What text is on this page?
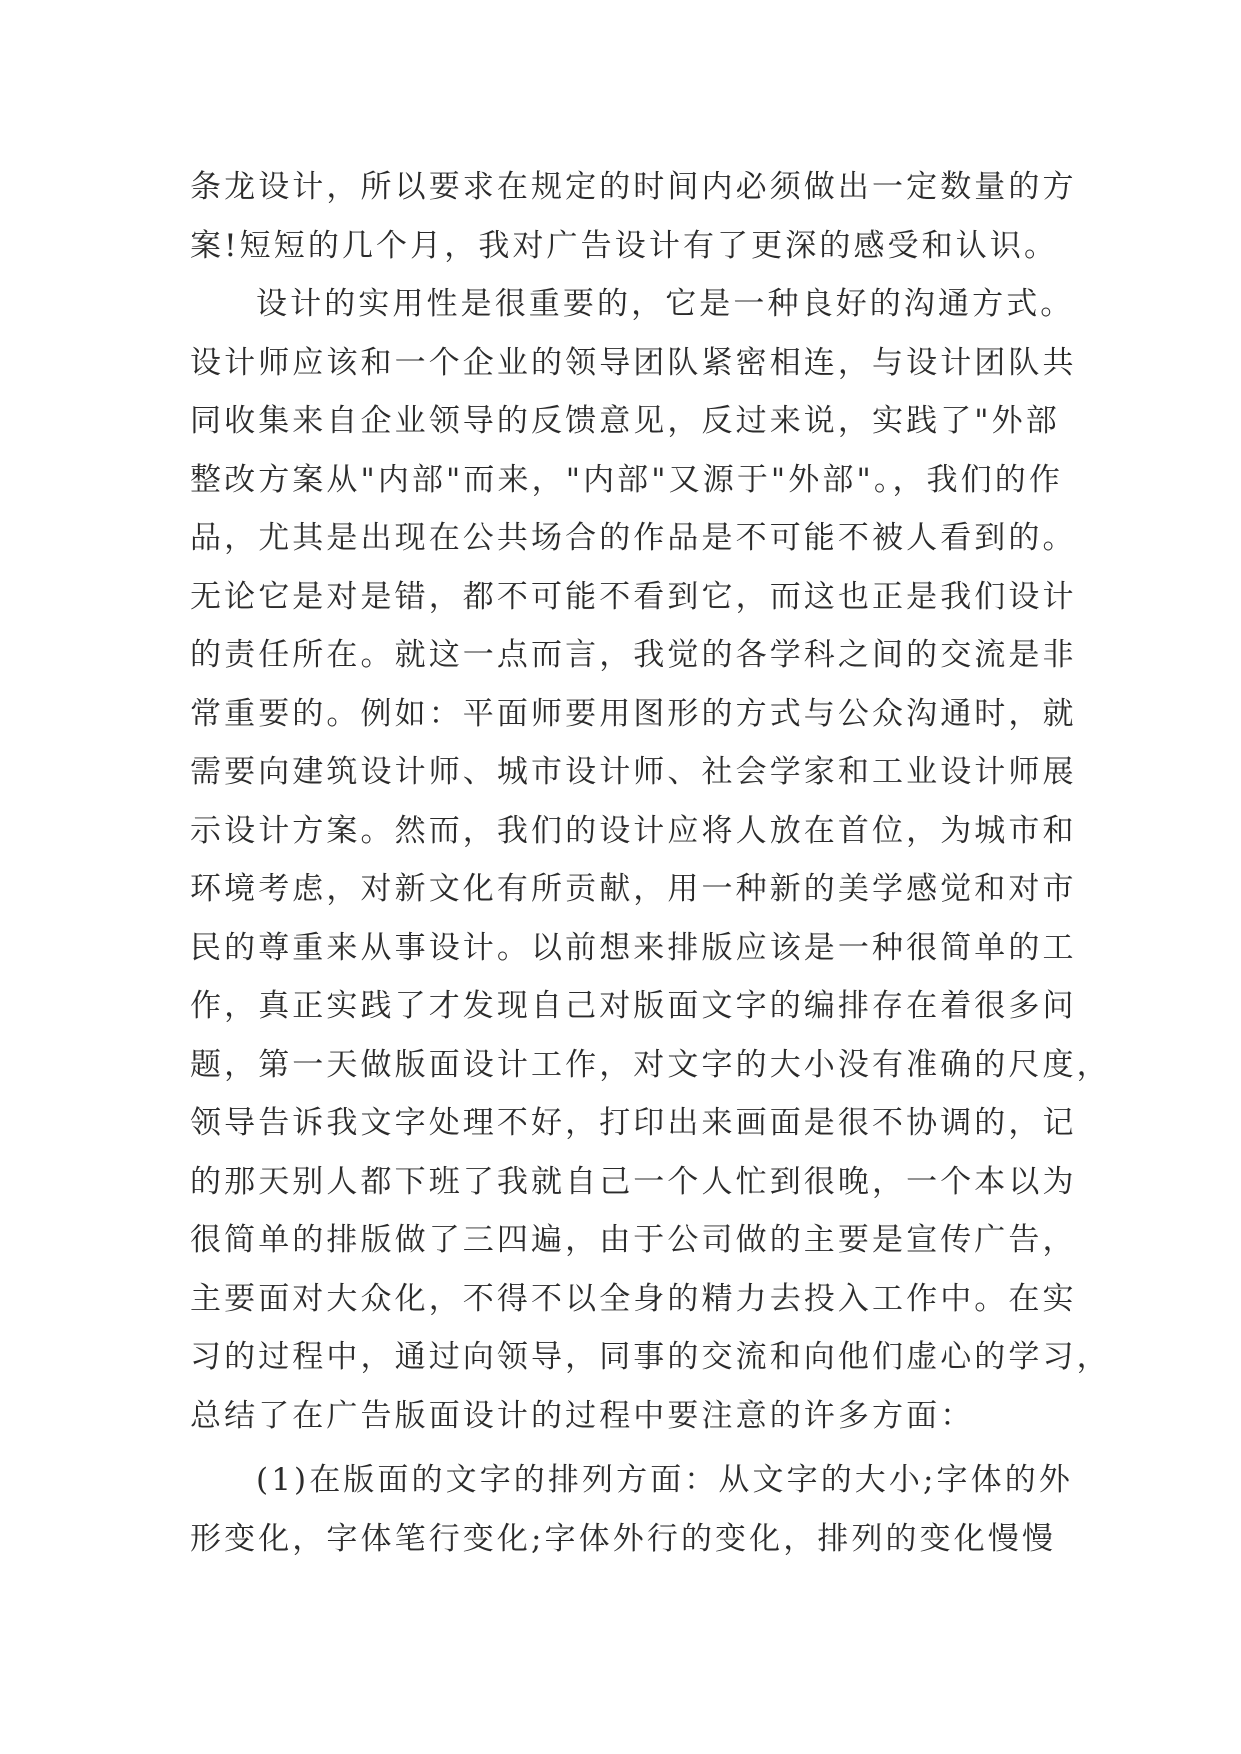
条龙设计，所以要求在规定的时间内必须做出一定数量的方
案!短短的几个月，我对广告设计有了更深的感受和认识。
设计的实用性是很重要的，它是一种良好的沟通方式。
设计师应该和一个企业的领导团队紧密相连，与设计团队共
同收集来自企业领导的反馈意见，反过来说，实践了"外部
整改方案从"内部"而来，"内部"又源于"外部"。，我们的作
品，尤其是出现在公共场合的作品是不可能不被人看到的。
无论它是对是错，都不可能不看到它，而这也正是我们设计
的责任所在。就这一点而言，我觉的各学科之间的交流是非
常重要的。例如：平面师要用图形的方式与公众沟通时，就
需要向建筑设计师、城市设计师、社会学家和工业设计师展
示设计方案。然而，我们的设计应将人放在首位，为城市和
环境考虑，对新文化有所贡献，用一种新的美学感觉和对市
民的尊重来从事设计。以前想来排版应该是一种很简单的工
作，真正实践了才发现自己对版面文字的编排存在着很多问
题，第一天做版面设计工作，对文字的大小没有准确的尺度，
领导告诉我文字处理不好，打印出来画面是很不协调的，记
的那天别人都下班了我就自己一个人忙到很晚，一个本以为
很简单的排版做了三四遍，由于公司做的主要是宣传广告，
主要面对大众化，不得不以全身的精力去投入工作中。在实
习的过程中，通过向领导，同事的交流和向他们虚心的学习，
总结了在广告版面设计的过程中要注意的许多方面：
(1)在版面的文字的排列方面：从文字的大小;字体的外
形变化，字体笔行变化;字体外行的变化，排列的变化慢慢
